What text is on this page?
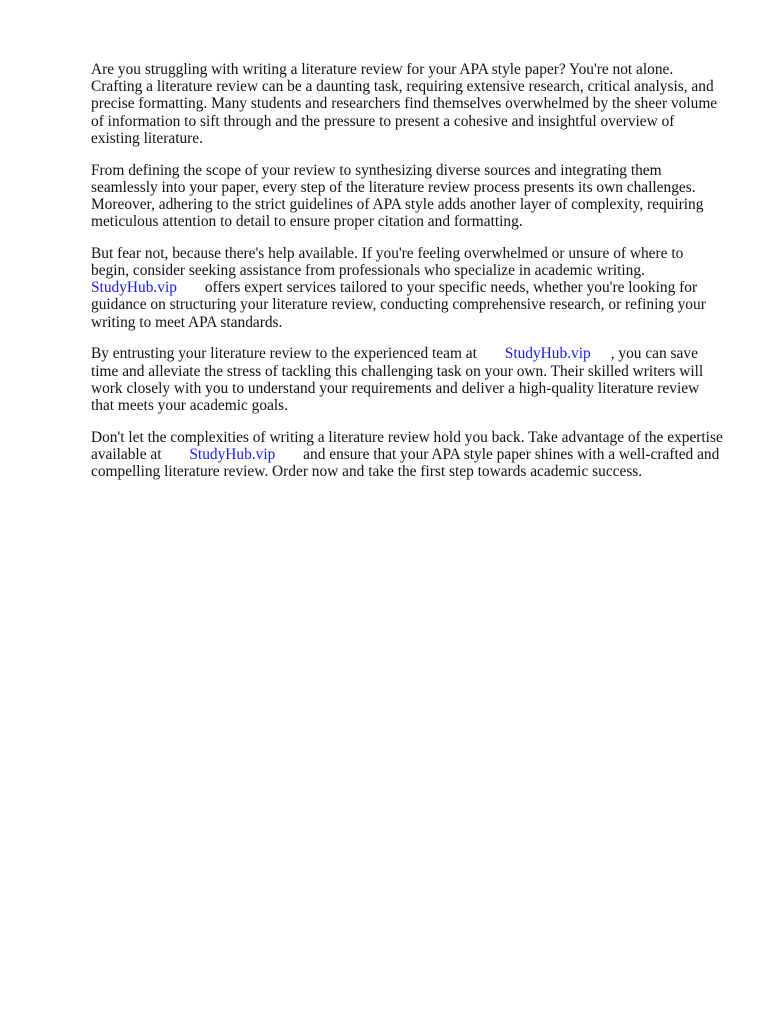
Are you struggling with writing a literature review for your APA style paper? You're not alone. Crafting a literature review can be a daunting task, requiring extensive research, critical analysis, and precise formatting. Many students and researchers find themselves overwhelmed by the sheer volume of information to sift through and the pressure to present a cohesive and insightful overview of existing literature.

From defining the scope of your review to synthesizing diverse sources and integrating them seamlessly into your paper, every step of the literature review process presents its own challenges. Moreover, adhering to the strict guidelines of APA style adds another layer of complexity, requiring meticulous attention to detail to ensure proper citation and formatting.

But fear not, because there's help available. If you're feeling overwhelmed or unsure of where to begin, consider seeking assistance from professionals who specialize in academic writing. StudyHub.vip offers expert services tailored to your specific needs, whether you're looking for guidance on structuring your literature review, conducting comprehensive research, or refining your writing to meet APA standards.

By entrusting your literature review to the experienced team at StudyHub.vip , you can save time and alleviate the stress of tackling this challenging task on your own. Their skilled writers will work closely with you to understand your requirements and deliver a high-quality literature review that meets your academic goals.

Don't let the complexities of writing a literature review hold you back. Take advantage of the expertise available at StudyHub.vip and ensure that your APA style paper shines with a well-crafted and compelling literature review. Order now and take the first step towards academic success.
